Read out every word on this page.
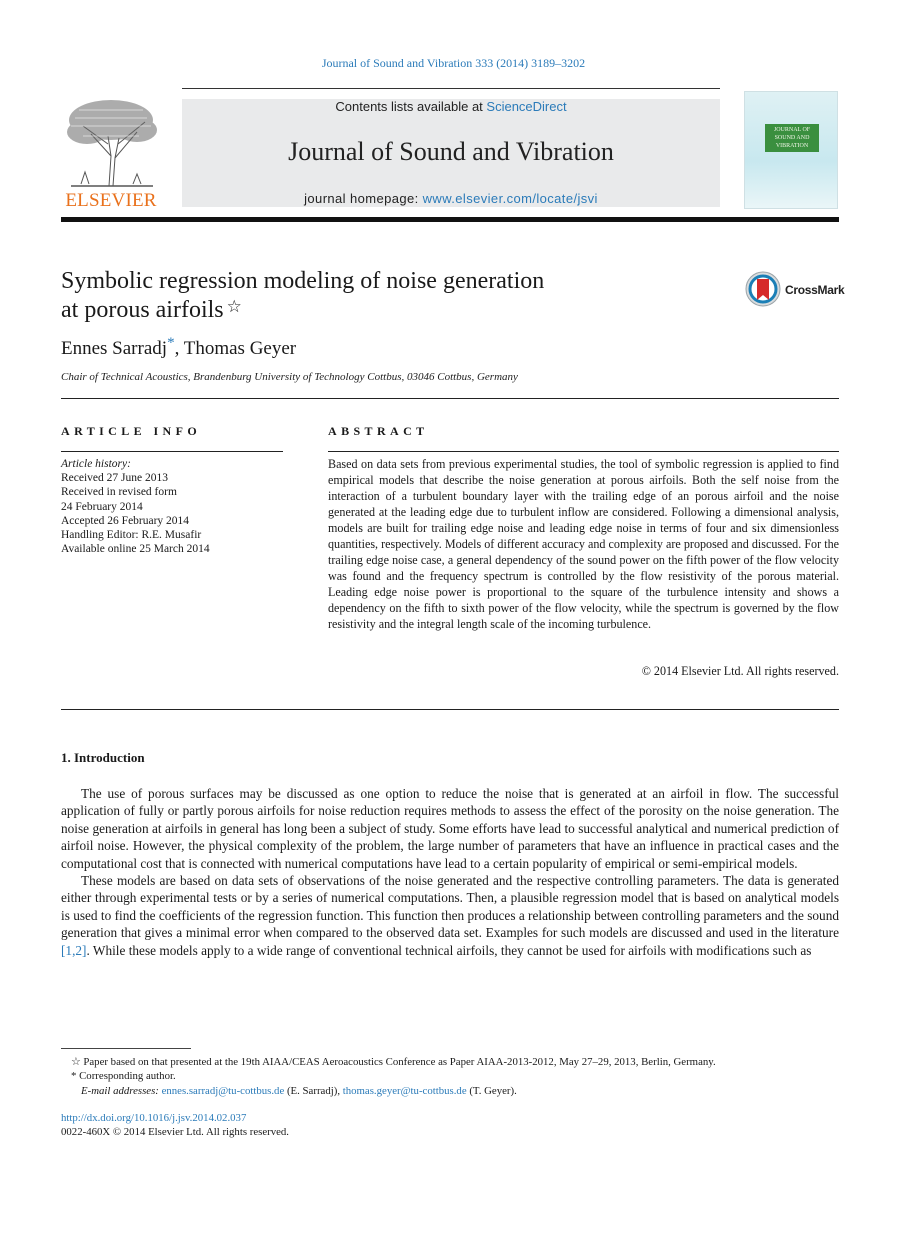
Journal of Sound and Vibration 333 (2014) 3189–3202
ELSEVIER
Contents lists available at ScienceDirect
Journal of Sound and Vibration
journal homepage: www.elsevier.com/locate/jsvi
JOURNAL OF SOUND AND VIBRATION
Symbolic regression modeling of noise generation
at porous airfoils ☆
CrossMark
Ennes Sarradj*, Thomas Geyer
Chair of Technical Acoustics, Brandenburg University of Technology Cottbus, 03046 Cottbus, Germany
ARTICLE INFO
Article history:
Received 27 June 2013
Received in revised form
24 February 2014
Accepted 26 February 2014
Handling Editor: R.E. Musafir
Available online 25 March 2014
ABSTRACT
Based on data sets from previous experimental studies, the tool of symbolic regression is applied to find empirical models that describe the noise generation at porous airfoils. Both the self noise from the interaction of a turbulent boundary layer with the trailing edge of an porous airfoil and the noise generated at the leading edge due to turbulent inflow are considered. Following a dimensional analysis, models are built for trailing edge noise and leading edge noise in terms of four and six dimensionless quantities, respectively. Models of different accuracy and complexity are proposed and discussed. For the trailing edge noise case, a general dependency of the sound power on the fifth power of the flow velocity was found and the frequency spectrum is controlled by the flow resistivity of the porous material. Leading edge noise power is proportional to the square of the turbulence intensity and shows a dependency on the fifth to sixth power of the flow velocity, while the spectrum is governed by the flow resistivity and the integral length scale of the incoming turbulence.
© 2014 Elsevier Ltd. All rights reserved.
1. Introduction

The use of porous surfaces may be discussed as one option to reduce the noise that is generated at an airfoil in flow. The successful application of fully or partly porous airfoils for noise reduction requires methods to assess the effect of the porosity on the noise generation. The noise generation at airfoils in general has long been a subject of study. Some efforts have lead to successful analytical and numerical prediction of airfoil noise. However, the physical complexity of the problem, the large number of parameters that have an influence in practical cases and the computational cost that is connected with numerical computations have lead to a certain popularity of empirical or semi-empirical models.

These models are based on data sets of observations of the noise generated and the respective controlling parameters. The data is generated either through experimental tests or by a series of numerical computations. Then, a plausible regression model that is based on analytical models is used to find the coefficients of the regression function. This function then produces a relationship between controlling parameters and the sound generation that gives a minimal error when compared to the observed data set. Examples for such models are discussed and used in the literature [1,2]. While these models apply to a wide range of conventional technical airfoils, they cannot be used for airfoils with modifications such as

☆ Paper based on that presented at the 19th AIAA/CEAS Aeroacoustics Conference as Paper AIAA-2013-2012, May 27–29, 2013, Berlin, Germany.
* Corresponding author.
E-mail addresses: ennes.sarradj@tu-cottbus.de (E. Sarradj), thomas.geyer@tu-cottbus.de (T. Geyer).
http://dx.doi.org/10.1016/j.jsv.2014.02.037
0022-460X © 2014 Elsevier Ltd. All rights reserved.
